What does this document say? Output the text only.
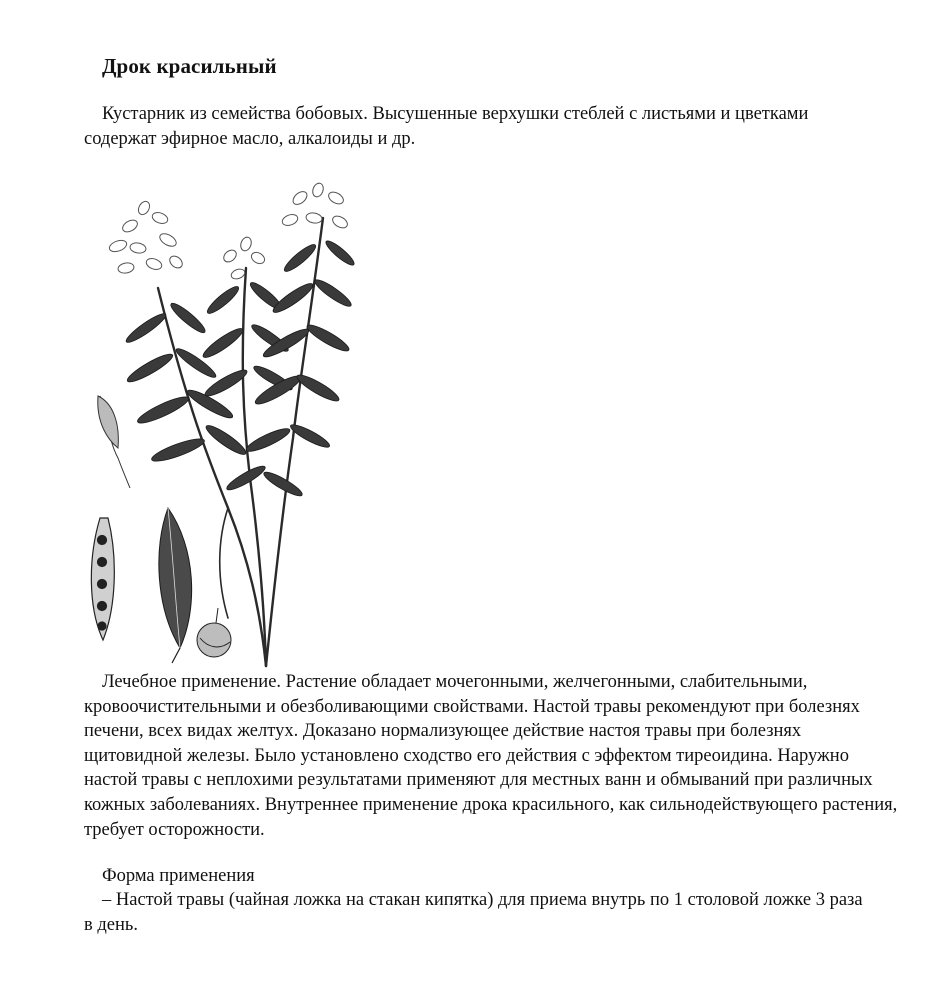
Дрок красильный

Кустарник из семейства бобовых. Высушенные верхушки стеблей с листьями и цветками содержат эфирное масло, алкалоиды и др.

Лечебное применение. Растение обладает мочегонными, желчегонными, слабительными, кровоочистительными и обезболивающими свойствами. Настой травы рекомендуют при болезнях печени, всех видах желтух. Доказано нормализующее действие настоя травы при болезнях щитовидной железы. Было установлено сходство его действия с эффектом тиреоидина. Наружно настой травы с неплохими результатами применяют для местных ванн и обмываний при различных кожных заболеваниях. Внутреннее применение дрока красильного, как сильнодействующего растения, требует осторожности.

Форма применения

– Настой травы (чайная ложка на стакан кипятка) для приема внутрь по 1 столовой ложке 3 раза в день.
